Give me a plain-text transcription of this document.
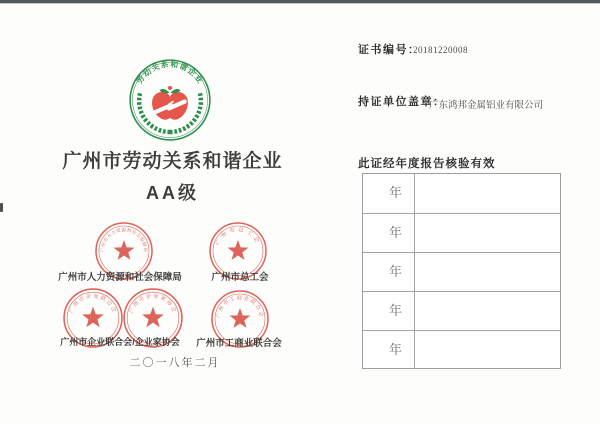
劳动关系和谐企业
广州市劳动关系和谐企业
AA级
广州市人力资源和社会保障局
广州市总工会
广州市人力资源和社会保障局	广州市总工会
广州市企业联合会 广州市企业家协会
广州市工商业联合会
广州市企业联合会/企业家协会	广州市工商业联合会
二〇一八年二月
证书编号：
20181220008
持证单位盖章：
广东鸿邦金属铝业有限公司
此证经年度报告核验有效
年
年
年
年
年
